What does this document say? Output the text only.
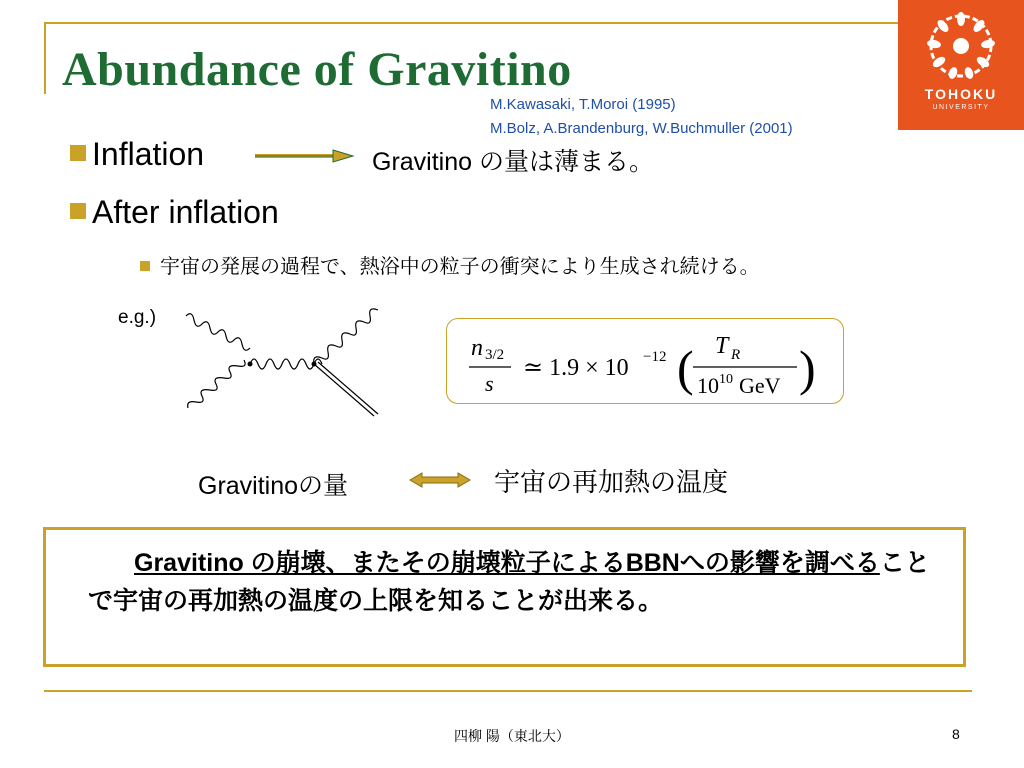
Abundance of Gravitino	TOHOKU
UNIVERSITY
M.Kawasaki, T.Moroi (1995)
M.Bolz, A.Brandenburg, W.Buchmuller (2001)
Inflation	Gravitino の量は薄まる。
After inflation
宇宙の発展の過程で、熱浴中の粒子の衝突により生成され続ける。
e.g.)
n 3/2
s
≃ 1.9 × 10 −12 ( T R
10 10 GeV )
Gravitinoの量	宇宙の再加熱の温度
Gravitino の崩壊、またその崩壊粒子によるBBNへの影響を調べることで宇宙の再加熱の温度の上限を知ることが出来る。
四柳 陽（東北大）	8
